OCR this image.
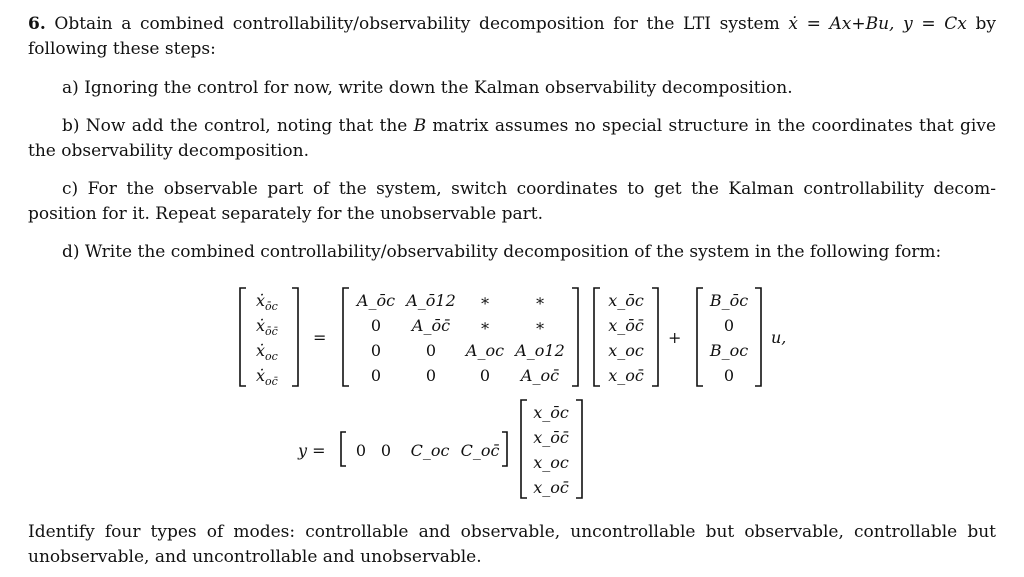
6. Obtain a combined controllability/observability decomposition for the LTI system ẋ = Ax+Bu, y = Cx by following these steps:
a) Ignoring the control for now, write down the Kalman observability decomposition.
b) Now add the control, noting that the B matrix assumes no special structure in the coordinates that give the observability decomposition.
c) For the observable part of the system, switch coordinates to get the Kalman controllability decom- position for it. Repeat separately for the unobservable part.
d) Write the combined controllability/observability decomposition of the system in the following form:
ẋ$_{ōc}$
ẋ$_{ōc̄}$
ẋ$_{oc}$
ẋ$_{oc̄}$
=
A_ōc A_ō12 ∗	∗
0 A_ōc̄ ∗	∗
0	0 A_oc A_o12
0	0	0 A_oc̄
x_ōc
x_ōc̄
x_oc
x_oc̄
+
B_ōc
0
B_oc
0
u,
y = 0 0 C_oc C_oc̄
x_ōc
x_ōc̄
x_oc
x_oc̄
Identify four types of modes: controllable and observable, uncontrollable but observable, controllable but unobservable, and uncontrollable and unobservable.
